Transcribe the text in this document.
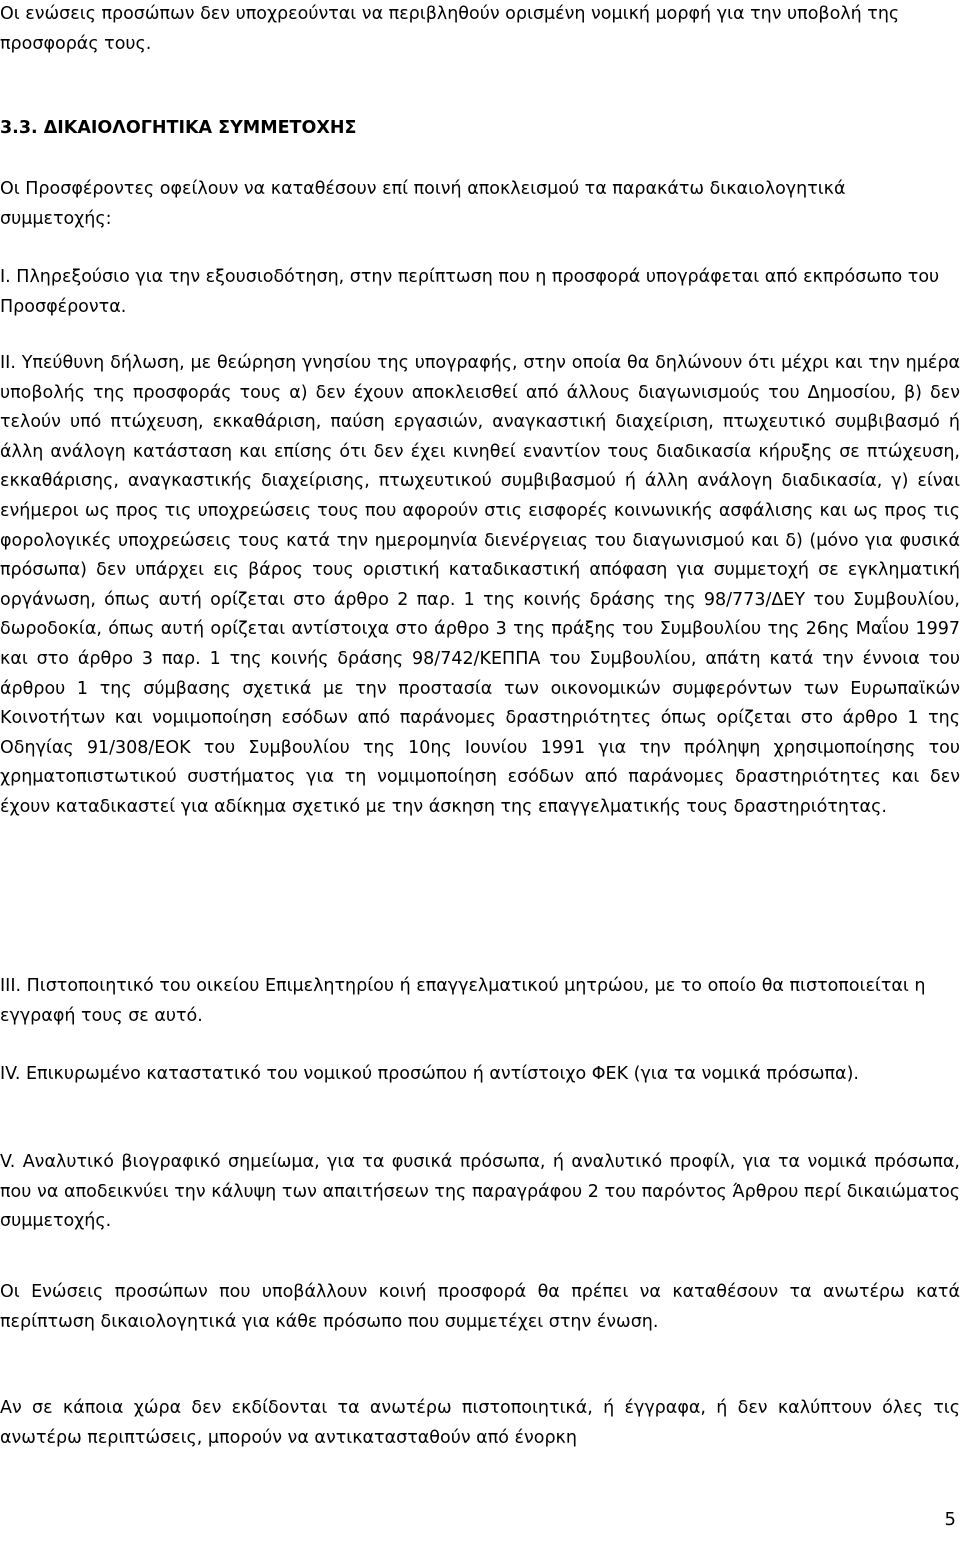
Οι ενώσεις προσώπων δεν υποχρεούνται να περιβληθούν ορισμένη νομική μορφή για την υποβολή της προσφοράς τους.

3.3. ΔΙΚΑΙΟΛΟΓΗΤΙΚΑ ΣΥΜΜΕΤΟΧΗΣ

Οι Προσφέροντες οφείλουν να καταθέσουν επί ποινή αποκλεισμού τα παρακάτω δικαιολογητικά συμμετοχής:

I. Πληρεξούσιο για την εξουσιοδότηση, στην περίπτωση που η προσφορά υπογράφεται από εκπρόσωπο του Προσφέροντα.

II. Υπεύθυνη δήλωση, με θεώρηση γνησίου της υπογραφής, στην οποία θα δηλώνουν ότι μέχρι και την ημέρα υποβολής της προσφοράς τους α) δεν έχουν αποκλεισθεί από άλλους διαγωνισμούς του Δημοσίου, β) δεν τελούν υπό πτώχευση, εκκαθάριση, παύση εργασιών, αναγκαστική διαχείριση, πτωχευτικό συμβιβασμό ή άλλη ανάλογη κατάσταση και επίσης ότι δεν έχει κινηθεί εναντίον τους διαδικασία κήρυξης σε πτώχευση, εκκαθάρισης, αναγκαστικής διαχείρισης, πτωχευτικού συμβιβασμού ή άλλη ανάλογη διαδικασία, γ) είναι ενήμεροι ως προς τις υποχρεώσεις τους που αφορούν στις εισφορές κοινωνικής ασφάλισης και ως προς τις φορολογικές υποχρεώσεις τους κατά την ημερομηνία διενέργειας του διαγωνισμού και δ) (μόνο για φυσικά πρόσωπα) δεν υπάρχει εις βάρος τους οριστική καταδικαστική απόφαση για συμμετοχή σε εγκληματική οργάνωση, όπως αυτή ορίζεται στο άρθρο 2 παρ. 1 της κοινής δράσης της 98/773/ΔΕΥ του Συμβουλίου, δωροδοκία, όπως αυτή ορίζεται αντίστοιχα στο άρθρο 3 της πράξης του Συμβουλίου της 26ης Μαΐου 1997 και στο άρθρο 3 παρ. 1 της κοινής δράσης 98/742/ΚΕΠΠΑ του Συμβουλίου, απάτη κατά την έννοια του άρθρου 1 της σύμβασης σχετικά με την προστασία των οικονομικών συμφερόντων των Ευρωπαϊκών Κοινοτήτων και νομιμοποίηση εσόδων από παράνομες δραστηριότητες όπως ορίζεται στο άρθρο 1 της Οδηγίας 91/308/ΕΟΚ του Συμβουλίου της 10ης Ιουνίου 1991 για την πρόληψη χρησιμοποίησης του χρηματοπιστωτικού συστήματος για τη νομιμοποίηση εσόδων από παράνομες δραστηριότητες και δεν έχουν καταδικαστεί για αδίκημα σχετικό με την άσκηση της επαγγελματικής τους δραστηριότητας.

III. Πιστοποιητικό του οικείου Επιμελητηρίου ή επαγγελματικού μητρώου, με το οποίο θα πιστοποιείται η εγγραφή τους σε αυτό.

IV. Επικυρωμένο καταστατικό του νομικού προσώπου ή αντίστοιχο ΦΕΚ (για τα νομικά πρόσωπα).

V. Αναλυτικό βιογραφικό σημείωμα, για τα φυσικά πρόσωπα, ή αναλυτικό προφίλ, για τα νομικά πρόσωπα, που να αποδεικνύει την κάλυψη των απαιτήσεων της παραγράφου 2 του παρόντος Άρθρου περί δικαιώματος συμμετοχής.

Οι Ενώσεις προσώπων που υποβάλλουν κοινή προσφορά θα πρέπει να καταθέσουν τα ανωτέρω κατά περίπτωση δικαιολογητικά για κάθε πρόσωπο που συμμετέχει στην ένωση.

Αν σε κάποια χώρα δεν εκδίδονται τα ανωτέρω πιστοποιητικά, ή έγγραφα, ή δεν καλύπτουν όλες τις ανωτέρω περιπτώσεις, μπορούν να αντικατασταθούν από ένορκη

5
